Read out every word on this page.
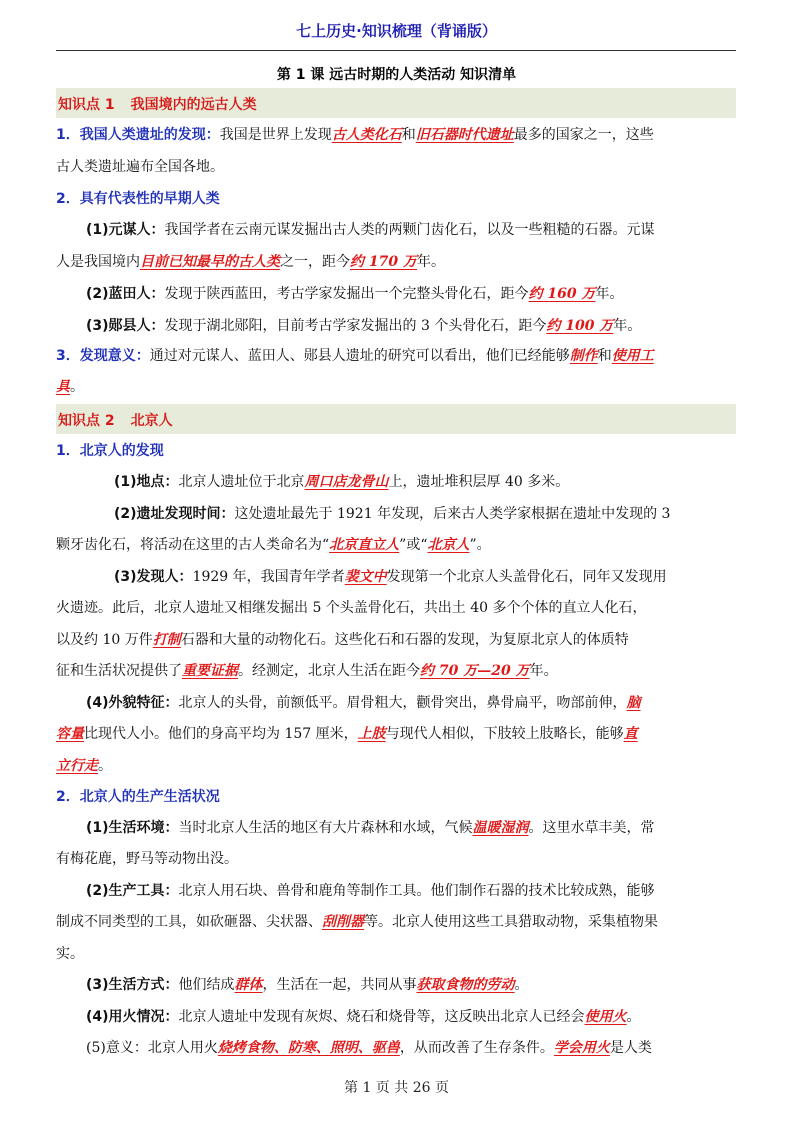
七上历史·知识梳理（背诵版）
第 1 课 远古时期的人类活动 知识清单
知识点 1 我国境内的远古人类
1．我国人类遗址的发现：我国是世界上发现古人类化石和旧石器时代遗址最多的国家之一，这些
古人类遗址遍布全国各地。
2．具有代表性的早期人类
(1)元谋人：我国学者在云南元谋发掘出古人类的两颗门齿化石，以及一些粗糙的石器。元谋
人是我国境内目前已知最早的古人类之一，距今约 170 万年。
(2)蓝田人：发现于陕西蓝田，考古学家发掘出一个完整头骨化石，距今约 160 万年。
(3)郧县人：发现于湖北郧阳，目前考古学家发掘出的 3 个头骨化石，距今约 100 万年。
3．发现意义：通过对元谋人、蓝田人、郧县人遗址的研究可以看出，他们已经能够制作和使用工
具。
知识点 2 北京人
1．北京人的发现
(1)地点：北京人遗址位于北京周口店龙骨山上，遗址堆积层厚 40 多米。
(2)遗址发现时间：这处遗址最先于 1921 年发现，后来古人类学家根据在遗址中发现的 3
颗牙齿化石，将活动在这里的古人类命名为“北京直立人”或“北京人”。
(3)发现人：1929 年，我国青年学者裴文中发现第一个北京人头盖骨化石，同年又发现用
火遗迹。此后，北京人遗址又相继发掘出 5 个头盖骨化石，共出土 40 多个个体的直立人化石，
以及约 10 万件打制石器和大量的动物化石。这些化石和石器的发现，为复原北京人的体质特
征和生活状况提供了重要证据。经测定，北京人生活在距今约 70 万—20 万年。
(4)外貌特征：北京人的头骨，前额低平。眉骨粗大，颧骨突出，鼻骨扁平，吻部前伸，脑
容量比现代人小。他们的身高平均为 157 厘米，上肢与现代人相似，下肢较上肢略长，能够直
立行走。
2．北京人的生产生活状况
(1)生活环境：当时北京人生活的地区有大片森林和水域，气候温暖湿润。这里水草丰美，常
有梅花鹿，野马等动物出没。
(2)生产工具：北京人用石块、兽骨和鹿角等制作工具。他们制作石器的技术比较成熟，能够
制成不同类型的工具，如砍砸器、尖状器、刮削器等。北京人使用这些工具猎取动物，采集植物果
实。
(3)生活方式：他们结成群体，生活在一起，共同从事获取食物的劳动。
(4)用火情况：北京人遗址中发现有灰烬、烧石和烧骨等，这反映出北京人已经会使用火。
(5)意义：北京人用火烧烤食物、防寒、照明、驱兽，从而改善了生存条件。学会用火是人类
第 1 页 共 26 页
